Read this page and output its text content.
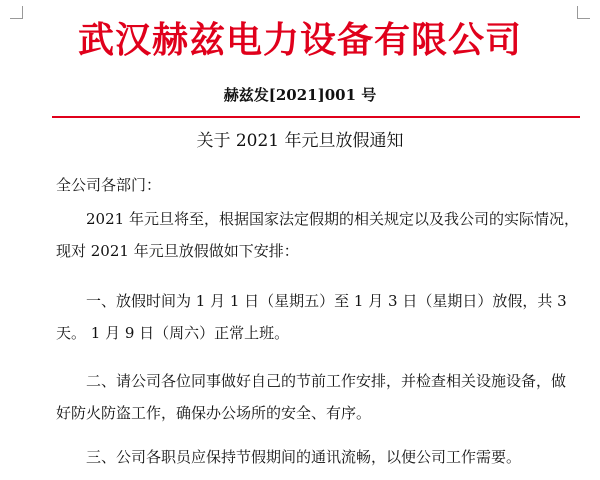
武汉赫兹电力设备有限公司
赫兹发[2021]001 号
关于 2021 年元旦放假通知
全公司各部门：
　　2021 年元旦将至，根据国家法定假期的相关规定以及我公司的实际情况，
现对 2021 年元旦放假做如下安排：
　　一、放假时间为 1 月 1 日（星期五）至 1 月 3 日（星期日）放假，共 3
天。 1 月 9 日（周六）正常上班。
　　二、请公司各位同事做好自己的节前工作安排，并检查相关设施设备，做
好防火防盗工作，确保办公场所的安全、有序。
　　三、公司各职员应保持节假期间的通讯流畅，以便公司工作需要。
